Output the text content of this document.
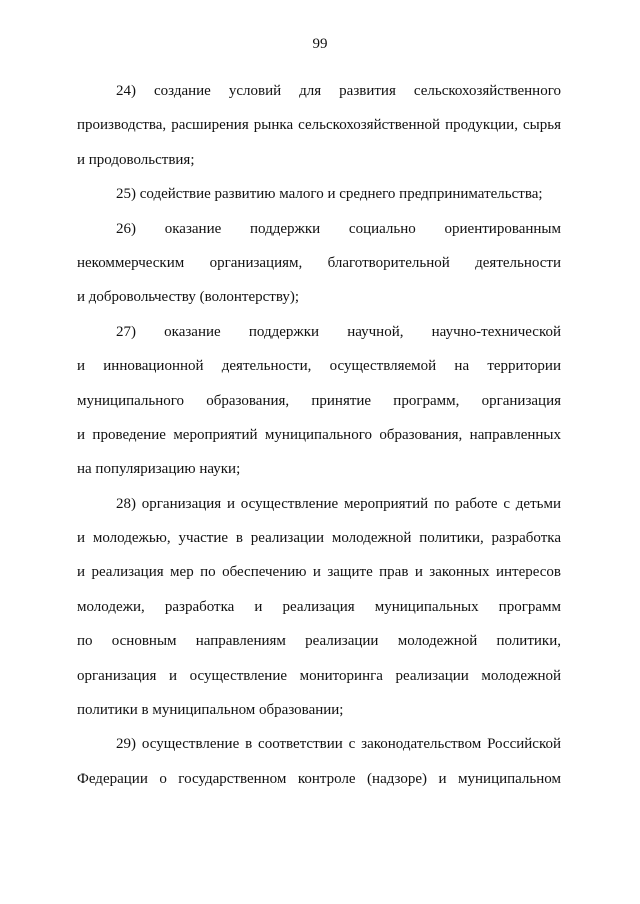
99
24) создание условий для развития сельскохозяйственного
производства, расширения рынка сельскохозяйственной продукции, сырья
и продовольствия;
25) содействие развитию малого и среднего предпринимательства;
26) оказание поддержки социально ориентированным
некоммерческим организациям, благотворительной деятельности
и добровольчеству (волонтерству);
27) оказание поддержки научной, научно-технической
и инновационной деятельности, осуществляемой на территории
муниципального образования, принятие программ, организация
и проведение мероприятий муниципального образования, направленных
на популяризацию науки;
28) организация и осуществление мероприятий по работе с детьми
и молодежью, участие в реализации молодежной политики, разработка
и реализация мер по обеспечению и защите прав и законных интересов
молодежи, разработка и реализация муниципальных программ
по основным направлениям реализации молодежной политики,
организация и осуществление мониторинга реализации молодежной
политики в муниципальном образовании;
29) осуществление в соответствии с законодательством Российской
Федерации о государственном контроле (надзоре) и муниципальном
